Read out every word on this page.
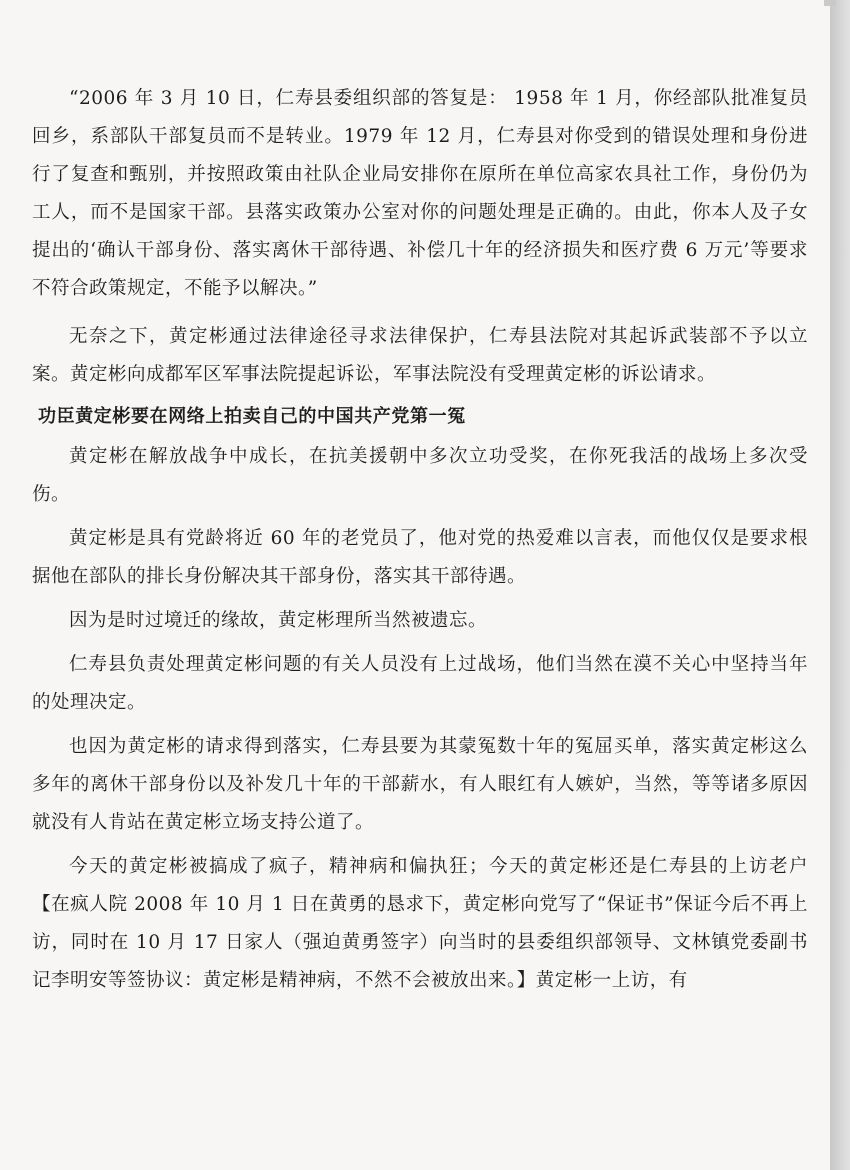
“2006 年 3 月 10 日，仁寿县委组织部的答复是： 1958 年 1 月，你经部队批准复员回乡，系部队干部复员而不是转业。1979 年 12 月，仁寿县对你受到的错误处理和身份进行了复查和甄别，并按照政策由社队企业局安排你在原所在单位高家农具社工作，身份仍为工人，而不是国家干部。县落实政策办公室对你的问题处理是正确的。由此，你本人及子女提出的‘确认干部身份、落实离休干部待遇、补偿几十年的经济损失和医疗费 6 万元’等要求不符合政策规定，不能予以解决。”

无奈之下，黄定彬通过法律途径寻求法律保护，仁寿县法院对其起诉武装部不予以立案。黄定彬向成都军区军事法院提起诉讼，军事法院没有受理黄定彬的诉讼请求。

功臣黄定彬要在网络上拍卖自己的中国共产党第一冤

黄定彬在解放战争中成长，在抗美援朝中多次立功受奖，在你死我活的战场上多次受伤。

黄定彬是具有党龄将近 60 年的老党员了，他对党的热爱难以言表，而他仅仅是要求根据他在部队的排长身份解决其干部身份，落实其干部待遇。

因为是时过境迁的缘故，黄定彬理所当然被遗忘。

仁寿县负责处理黄定彬问题的有关人员没有上过战场，他们当然在漠不关心中坚持当年的处理决定。

也因为黄定彬的请求得到落实，仁寿县要为其蒙冤数十年的冤屈买单，落实黄定彬这么多年的离休干部身份以及补发几十年的干部薪水，有人眼红有人嫉妒，当然，等等诸多原因就没有人肯站在黄定彬立场支持公道了。

今天的黄定彬被搞成了疯子，精神病和偏执狂；今天的黄定彬还是仁寿县的上访老户【在疯人院 2008 年 10 月 1 日在黄勇的恳求下，黄定彬向党写了“保证书”保证今后不再上访，同时在 10 月 17 日家人（强迫黄勇签字）向当时的县委组织部领导、文林镇党委副书记李明安等签协议：黄定彬是精神病，不然不会被放出来。】黄定彬一上访，有
